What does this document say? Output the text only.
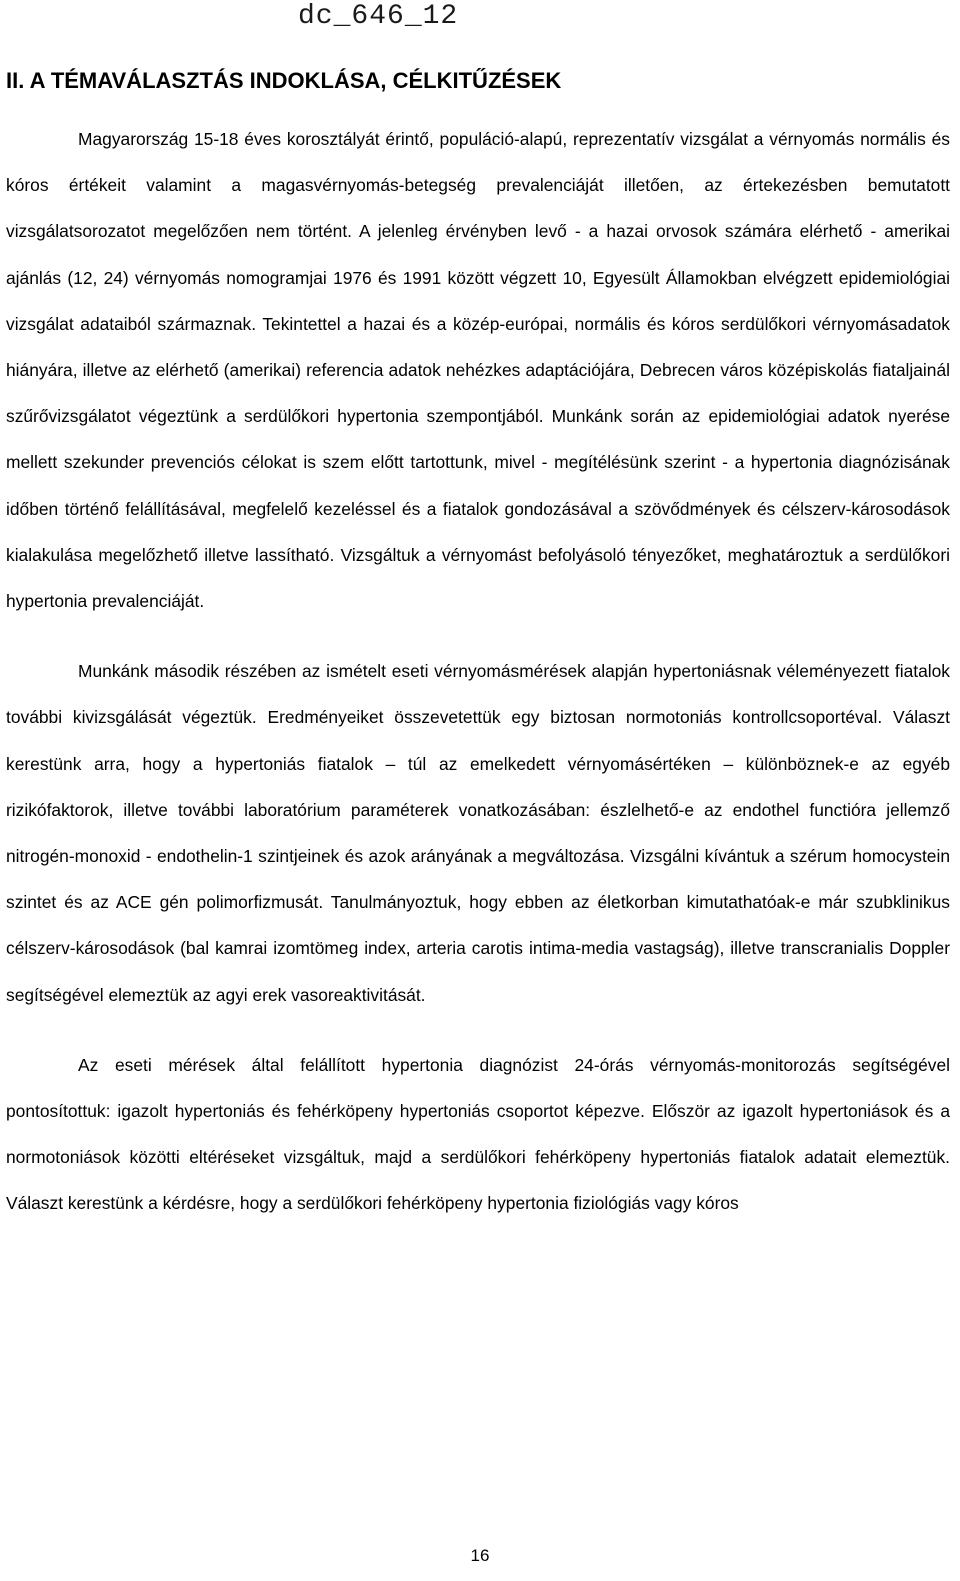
dc_646_12
II. A TÉMAVÁLASZTÁS INDOKLÁSA, CÉLKITŰZÉSEK

Magyarország 15-18 éves korosztályát érintő, populáció-alapú, reprezentatív vizsgálat a vérnyomás normális és kóros értékeit valamint a magasvérnyomás-betegség prevalenciáját illetően, az értekezésben bemutatott vizsgálatsorozatot megelőzően nem történt. A jelenleg érvényben levő - a hazai orvosok számára elérhető - amerikai ajánlás (12, 24) vérnyomás nomogramjai 1976 és 1991 között végzett 10, Egyesült Államokban elvégzett epidemiológiai vizsgálat adataiból származnak. Tekintettel a hazai és a közép-európai, normális és kóros serdülőkori vérnyomásadatok hiányára, illetve az elérhető (amerikai) referencia adatok nehézkes adaptációjára, Debrecen város középiskolás fiataljainál szűrővizsgálatot végeztünk a serdülőkori hypertonia szempontjából. Munkánk során az epidemiológiai adatok nyerése mellett szekunder prevenciós célokat is szem előtt tartottunk, mivel - megítélésünk szerint - a hypertonia diagnózisának időben történő felállításával, megfelelő kezeléssel és a fiatalok gondozásával a szövődmények és célszerv-károsodások kialakulása megelőzhető illetve lassítható. Vizsgáltuk a vérnyomást befolyásoló tényezőket, meghatároztuk a serdülőkori hypertonia prevalenciáját.

Munkánk második részében az ismételt eseti vérnyomásmérések alapján hypertoniásnak véleményezett fiatalok további kivizsgálását végeztük. Eredményeiket összevetettük egy biztosan normotoniás kontrollcsoportéval. Választ kerestünk arra, hogy a hypertoniás fiatalok – túl az emelkedett vérnyomásértéken – különböznek-e az egyéb rizikófaktorok, illetve további laboratórium paraméterek vonatkozásában: észlelhető-e az endothel functióra jellemző nitrogén-monoxid - endothelin-1 szintjeinek és azok arányának a megváltozása. Vizsgálni kívántuk a szérum homocystein szintet és az ACE gén polimorfizmusát. Tanulmányoztuk, hogy ebben az életkorban kimutathatóak-e már szubklinikus célszerv-károsodások (bal kamrai izomtömeg index, arteria carotis intima-media vastagság), illetve transcranialis Doppler segítségével elemeztük az agyi erek vasoreaktivitását.

Az eseti mérések által felállított hypertonia diagnózist 24-órás vérnyomás-monitorozás segítségével pontosítottuk: igazolt hypertoniás és fehérköpeny hypertoniás csoportot képezve. Először az igazolt hypertoniások és a normotoniások közötti eltéréseket vizsgáltuk, majd a serdülőkori fehérköpeny hypertoniás fiatalok adatait elemeztük. Választ kerestünk a kérdésre, hogy a serdülőkori fehérköpeny hypertonia fiziológiás vagy kóros

16
